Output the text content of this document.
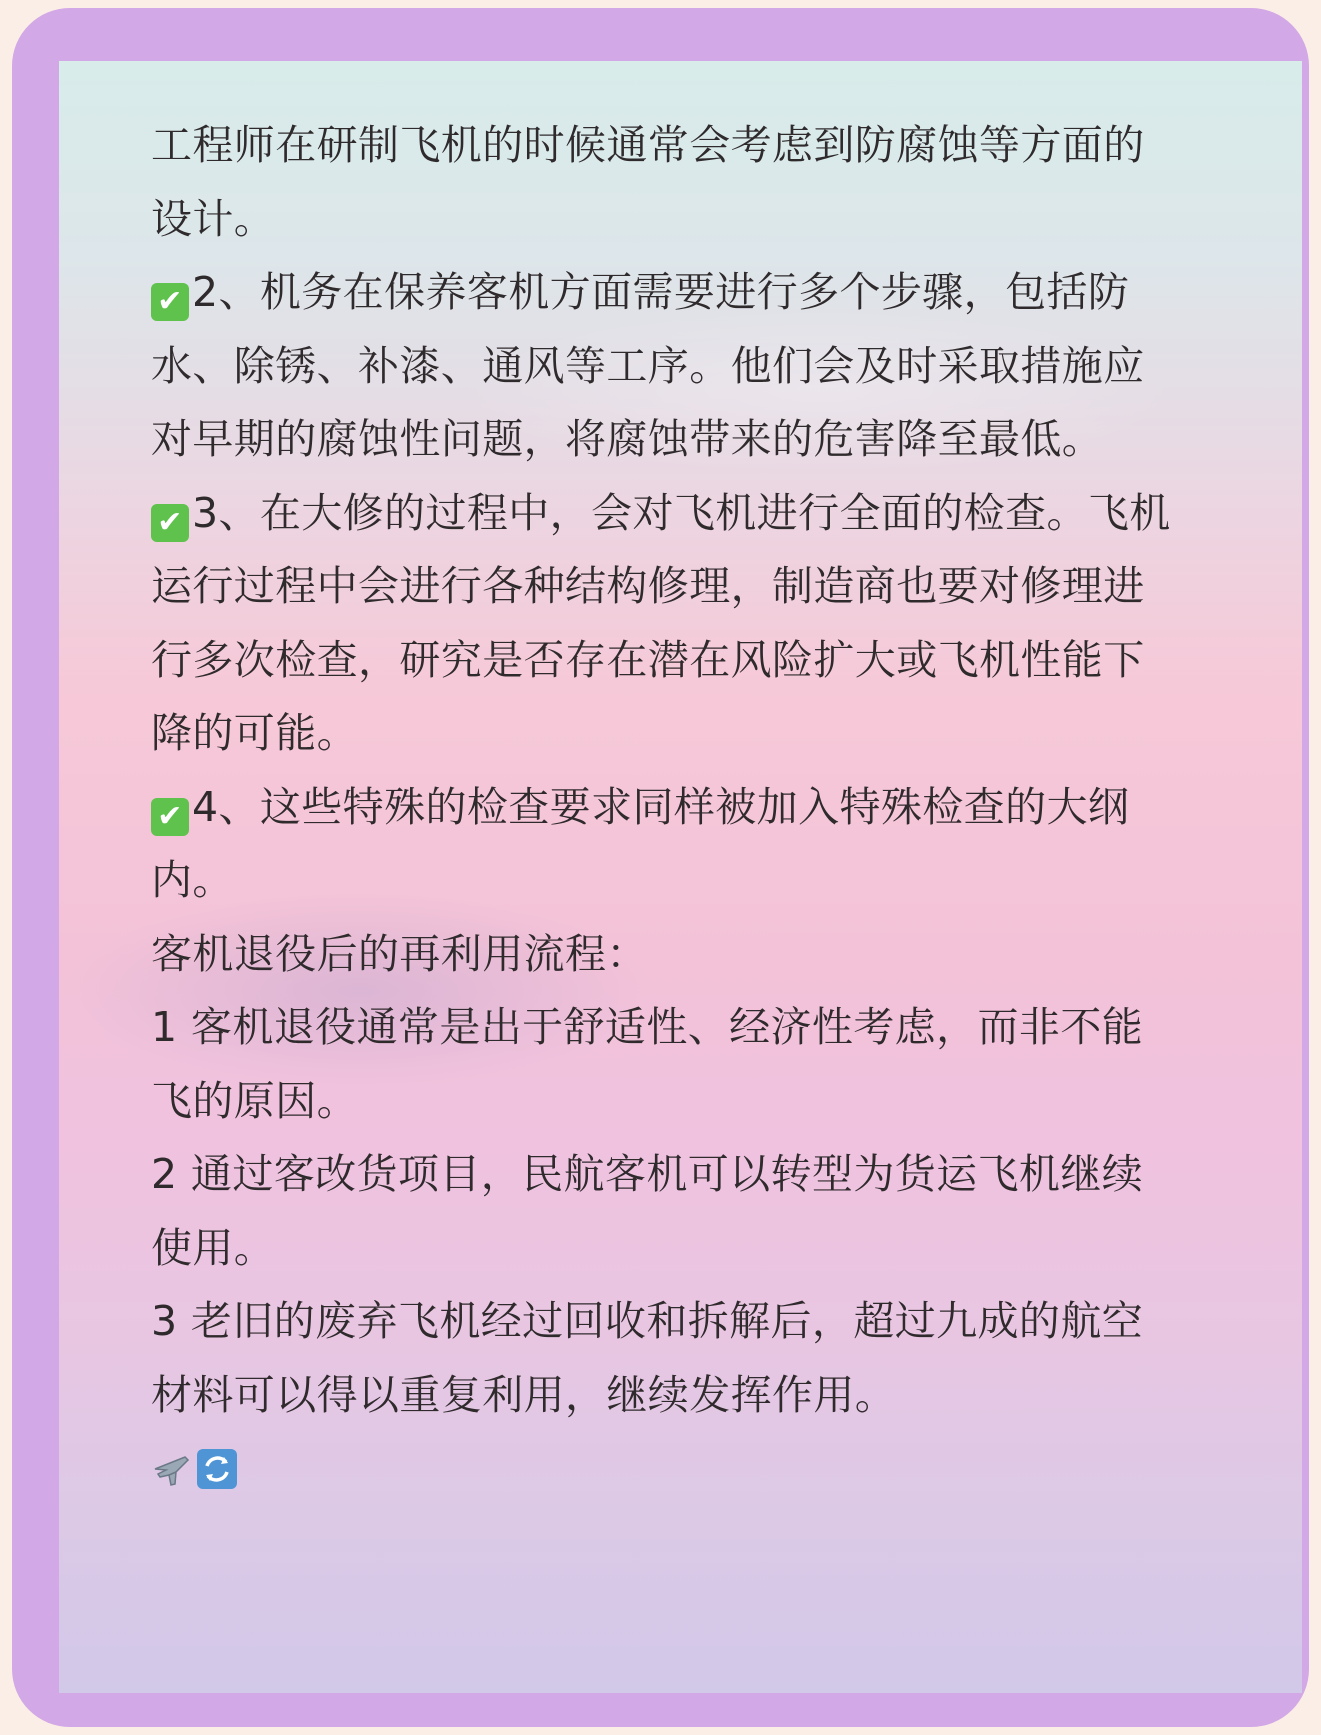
工程师在研制飞机的时候通常会考虑到防腐蚀等方面的设计。
✔ 2、机务在保养客机方面需要进行多个步骤，包括防水、除锈、补漆、通风等工序。他们会及时采取措施应对早期的腐蚀性问题，将腐蚀带来的危害降至最低。
✔ 3、在大修的过程中，会对飞机进行全面的检查。飞机运行过程中会进行各种结构修理，制造商也要对修理进行多次检查，研究是否存在潜在风险扩大或飞机性能下降的可能。
✔ 4、这些特殊的检查要求同样被加入特殊检查的大纲内。
客机退役后的再利用流程：
1 客机退役通常是出于舒适性、经济性考虑，而非不能飞的原因。
2 通过客改货项目，民航客机可以转型为货运飞机继续使用。
3 老旧的废弃飞机经过回收和拆解后，超过九成的航空材料可以得以重复利用，继续发挥作用。
